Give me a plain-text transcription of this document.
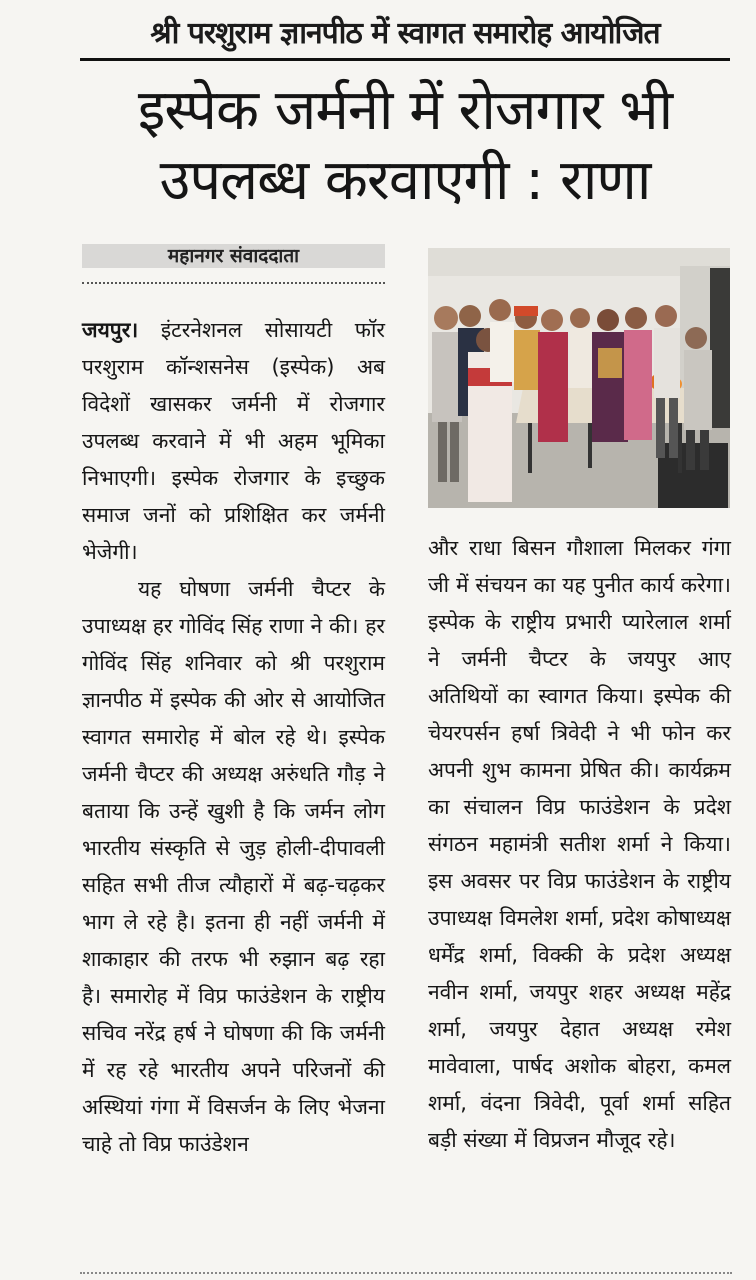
श्री परशुराम ज्ञानपीठ में स्वागत समारोह आयोजित
इस्पेक जर्मनी में रोजगार भी
उपलब्ध करवाएगी : राणा
महानगर संवाददाता

जयपुर। इंटरनेशनल सोसायटी फॉर परशुराम कॉन्शसनेस (इस्पेक) अब विदेशों खासकर जर्मनी में रोजगार उपलब्ध करवाने में भी अहम भूमिका निभाएगी। इस्पेक रोजगार के इच्छुक समाज जनों को प्रशिक्षित कर जर्मनी भेजेगी।

यह घोषणा जर्मनी चैप्टर के उपाध्यक्ष हर गोविंद सिंह राणा ने की। हर गोविंद सिंह शनिवार को श्री परशुराम ज्ञानपीठ में इस्पेक की ओर से आयोजित स्वागत समारोह में बोल रहे थे। इस्पेक जर्मनी चैप्टर की अध्यक्ष अरुंधति गौड़ ने बताया कि उन्हें खुशी है कि जर्मन लोग भारतीय संस्कृति से जुड़ होली-दीपावली सहित सभी तीज त्यौहारों में बढ़-चढ़कर भाग ले रहे है। इतना ही नहीं जर्मनी में शाकाहार की तरफ भी रुझान बढ़ रहा है। समारोह में विप्र फाउंडेशन के राष्ट्रीय सचिव नरेंद्र हर्ष ने घोषणा की कि जर्मनी में रह रहे भारतीय अपने परिजनों की अस्थियां गंगा में विसर्जन के लिए भेजना चाहे तो विप्र फाउंडेशन

और राधा बिसन गौशाला मिलकर गंगा जी में संचयन का यह पुनीत कार्य करेगा। इस्पेक के राष्ट्रीय प्रभारी प्यारेलाल शर्मा ने जर्मनी चैप्टर के जयपुर आए अतिथियों का स्वागत किया। इस्पेक की चेयरपर्सन हर्षा त्रिवेदी ने भी फोन कर अपनी शुभ कामना प्रेषित की। कार्यक्रम का संचालन विप्र फाउंडेशन के प्रदेश संगठन महामंत्री सतीश शर्मा ने किया। इस अवसर पर विप्र फाउंडेशन के राष्ट्रीय उपाध्यक्ष विमलेश शर्मा, प्रदेश कोषाध्यक्ष धर्मेंद्र शर्मा, विक्की के प्रदेश अध्यक्ष नवीन शर्मा, जयपुर शहर अध्यक्ष महेंद्र शर्मा, जयपुर देहात अध्यक्ष रमेश मावेवाला, पार्षद अशोक बोहरा, कमल शर्मा, वंदना त्रिवेदी, पूर्वा शर्मा सहित बड़ी संख्या में विप्रजन मौजूद रहे।
